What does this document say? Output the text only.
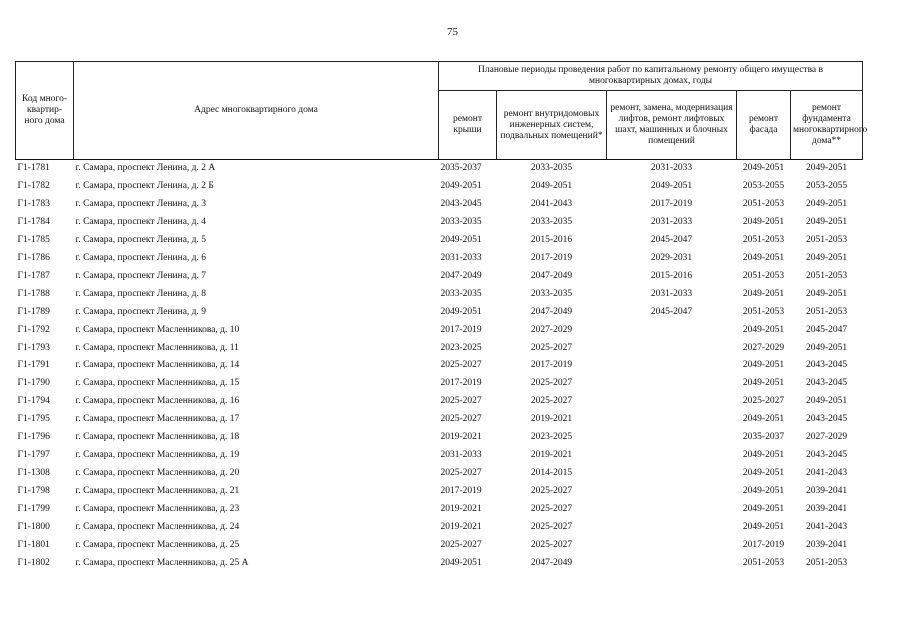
75
Код много-квартир-ного дома	Адрес многоквартирного дома	Плановые периоды проведения работ по капитальному ремонту общего имущества в многоквартирных домах, годы				
		ремонт крыши	ремонт внутридомовых инженерных систем, подвальных помещений*	ремонт, замена, модернизация лифтов, ремонт лифтовых шахт, машинных и блочных помещений	ремонт фасада	ремонт фундамента многоквартирного дома**
Г1-1781	г. Самара, проспект Ленина, д. 2 А	2035-2037	2033-2035	2031-2033	2049-2051	2049-2051
Г1-1782	г. Самара, проспект Ленина, д. 2 Б	2049-2051	2049-2051	2049-2051	2053-2055	2053-2055
Г1-1783	г. Самара, проспект Ленина, д. 3	2043-2045	2041-2043	2017-2019	2051-2053	2049-2051
Г1-1784	г. Самара, проспект Ленина, д. 4	2033-2035	2033-2035	2031-2033	2049-2051	2049-2051
Г1-1785	г. Самара, проспект Ленина, д. 5	2049-2051	2015-2016	2045-2047	2051-2053	2051-2053
Г1-1786	г. Самара, проспект Ленина, д. 6	2031-2033	2017-2019	2029-2031	2049-2051	2049-2051
Г1-1787	г. Самара, проспект Ленина, д. 7	2047-2049	2047-2049	2015-2016	2051-2053	2051-2053
Г1-1788	г. Самара, проспект Ленина, д. 8	2033-2035	2033-2035	2031-2033	2049-2051	2049-2051
Г1-1789	г. Самара, проспект Ленина, д. 9	2049-2051	2047-2049	2045-2047	2051-2053	2051-2053
Г1-1792	г. Самара, проспект Масленникова, д. 10	2017-2019	2027-2029		2049-2051	2045-2047
Г1-1793	г. Самара, проспект Масленникова, д. 11	2023-2025	2025-2027		2027-2029	2049-2051
Г1-1791	г. Самара, проспект Масленникова, д. 14	2025-2027	2017-2019		2049-2051	2043-2045
Г1-1790	г. Самара, проспект Масленникова, д. 15	2017-2019	2025-2027		2049-2051	2043-2045
Г1-1794	г. Самара, проспект Масленникова, д. 16	2025-2027	2025-2027		2025-2027	2049-2051
Г1-1795	г. Самара, проспект Масленникова, д. 17	2025-2027	2019-2021		2049-2051	2043-2045
Г1-1796	г. Самара, проспект Масленникова, д. 18	2019-2021	2023-2025		2035-2037	2027-2029
Г1-1797	г. Самара, проспект Масленникова, д. 19	2031-2033	2019-2021		2049-2051	2043-2045
Г1-1308	г. Самара, проспект Масленникова, д. 20	2025-2027	2014-2015		2049-2051	2041-2043
Г1-1798	г. Самара, проспект Масленникова, д. 21	2017-2019	2025-2027		2049-2051	2039-2041
Г1-1799	г. Самара, проспект Масленникова, д. 23	2019-2021	2025-2027		2049-2051	2039-2041
Г1-1800	г. Самара, проспект Масленникова, д. 24	2019-2021	2025-2027		2049-2051	2041-2043
Г1-1801	г. Самара, проспект Масленникова, д. 25	2025-2027	2025-2027		2017-2019	2039-2041
Г1-1802	г. Самара, проспект Масленникова, д. 25 А	2049-2051	2047-2049		2051-2053	2051-2053
